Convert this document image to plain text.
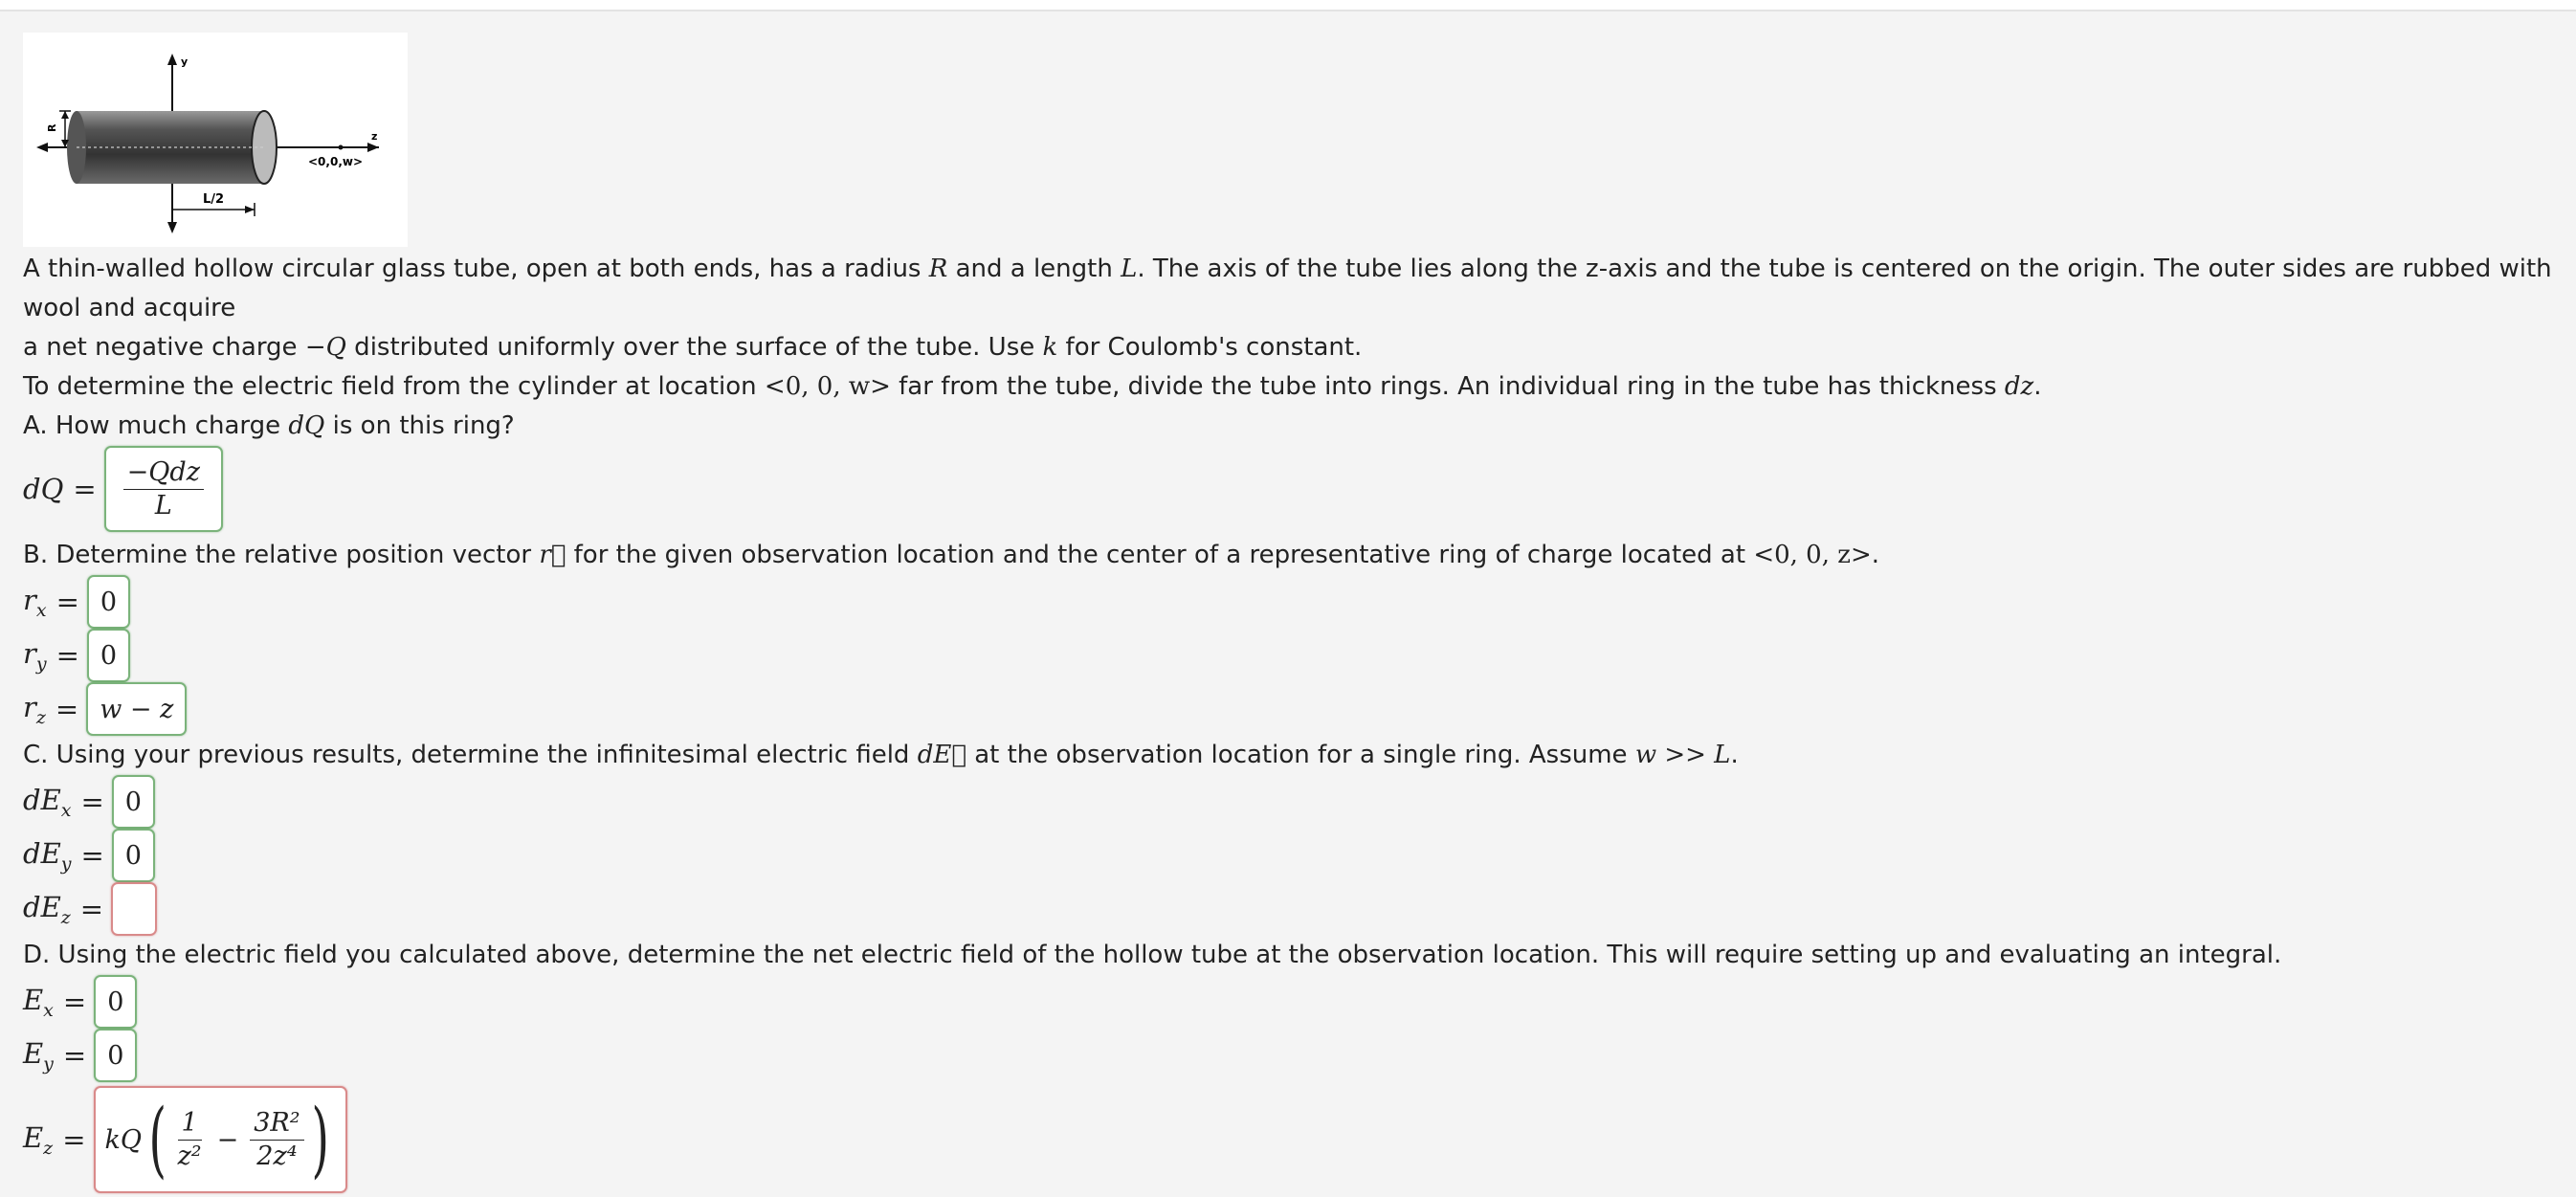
y
z
R
<0,0,w>
L/2

A thin-walled hollow circular glass tube, open at both ends, has a radius R and a length L. The axis of the tube lies along the z-axis and the tube is centered on the origin. The outer sides are rubbed with wool and acquire

a net negative charge −Q distributed uniformly over the surface of the tube. Use k for Coulomb's constant.

To determine the electric field from the cylinder at location <0, 0, w> far from the tube, divide the tube into rings. An individual ring in the tube has thickness dz.

A. How much charge dQ is on this ring?

dQ = $\frac{\text{−Qdz}}{L}$

B. Determine the relative position vector r⃗ for the given observation location and the center of a representative ring of charge located at <0, 0, z>.

$r_x = 0$
$r_y = 0$
$r_z = w - z$

C. Using your previous results, determine the infinitesimal electric field dE⃗ at the observation location for a single ring. Assume w >> L.

$dE_x = 0$
$dE_y = 0$
$dE_z$ =

D. Using the electric field you calculated above, determine the net electric field of the hollow tube at the observation location. This will require setting up and evaluating an integral.

$E_x = 0$
$E_y = 0$
$E_z$ = kQ ( $\frac{1}{\text{z²}} - \frac{\text{3R²}}{\text{2z⁴}}$ )
